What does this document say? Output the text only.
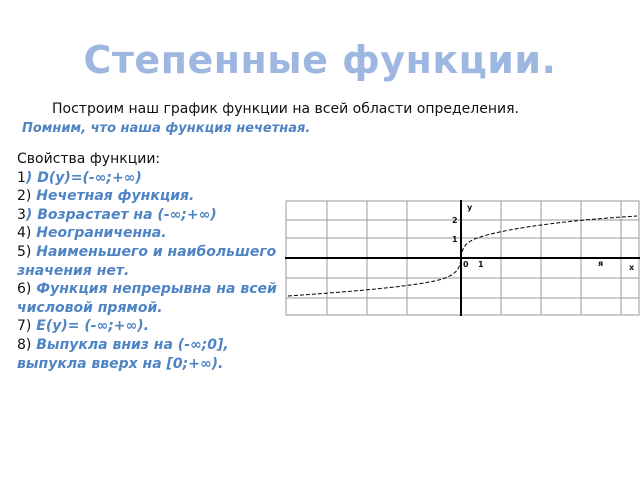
Степенные функции.
Построим наш график функции на всей области определения.
Помним, что наша функция нечетная.
Свойства функции:
1) D(y)=(-∞;+∞)
2) Нечетная функция.
3) Возрастает на (-∞;+∞)
4) Неограниченна.
5) Наименьшего и наибольшего значения нет.
6) Функция непрерывна на всей числовой прямой.
7) E(y)= (-∞;+∞).
8) Выпукла вниз на (-∞;0], выпукла вверх на [0;+∞).
y
2
1
0 1	я	x
